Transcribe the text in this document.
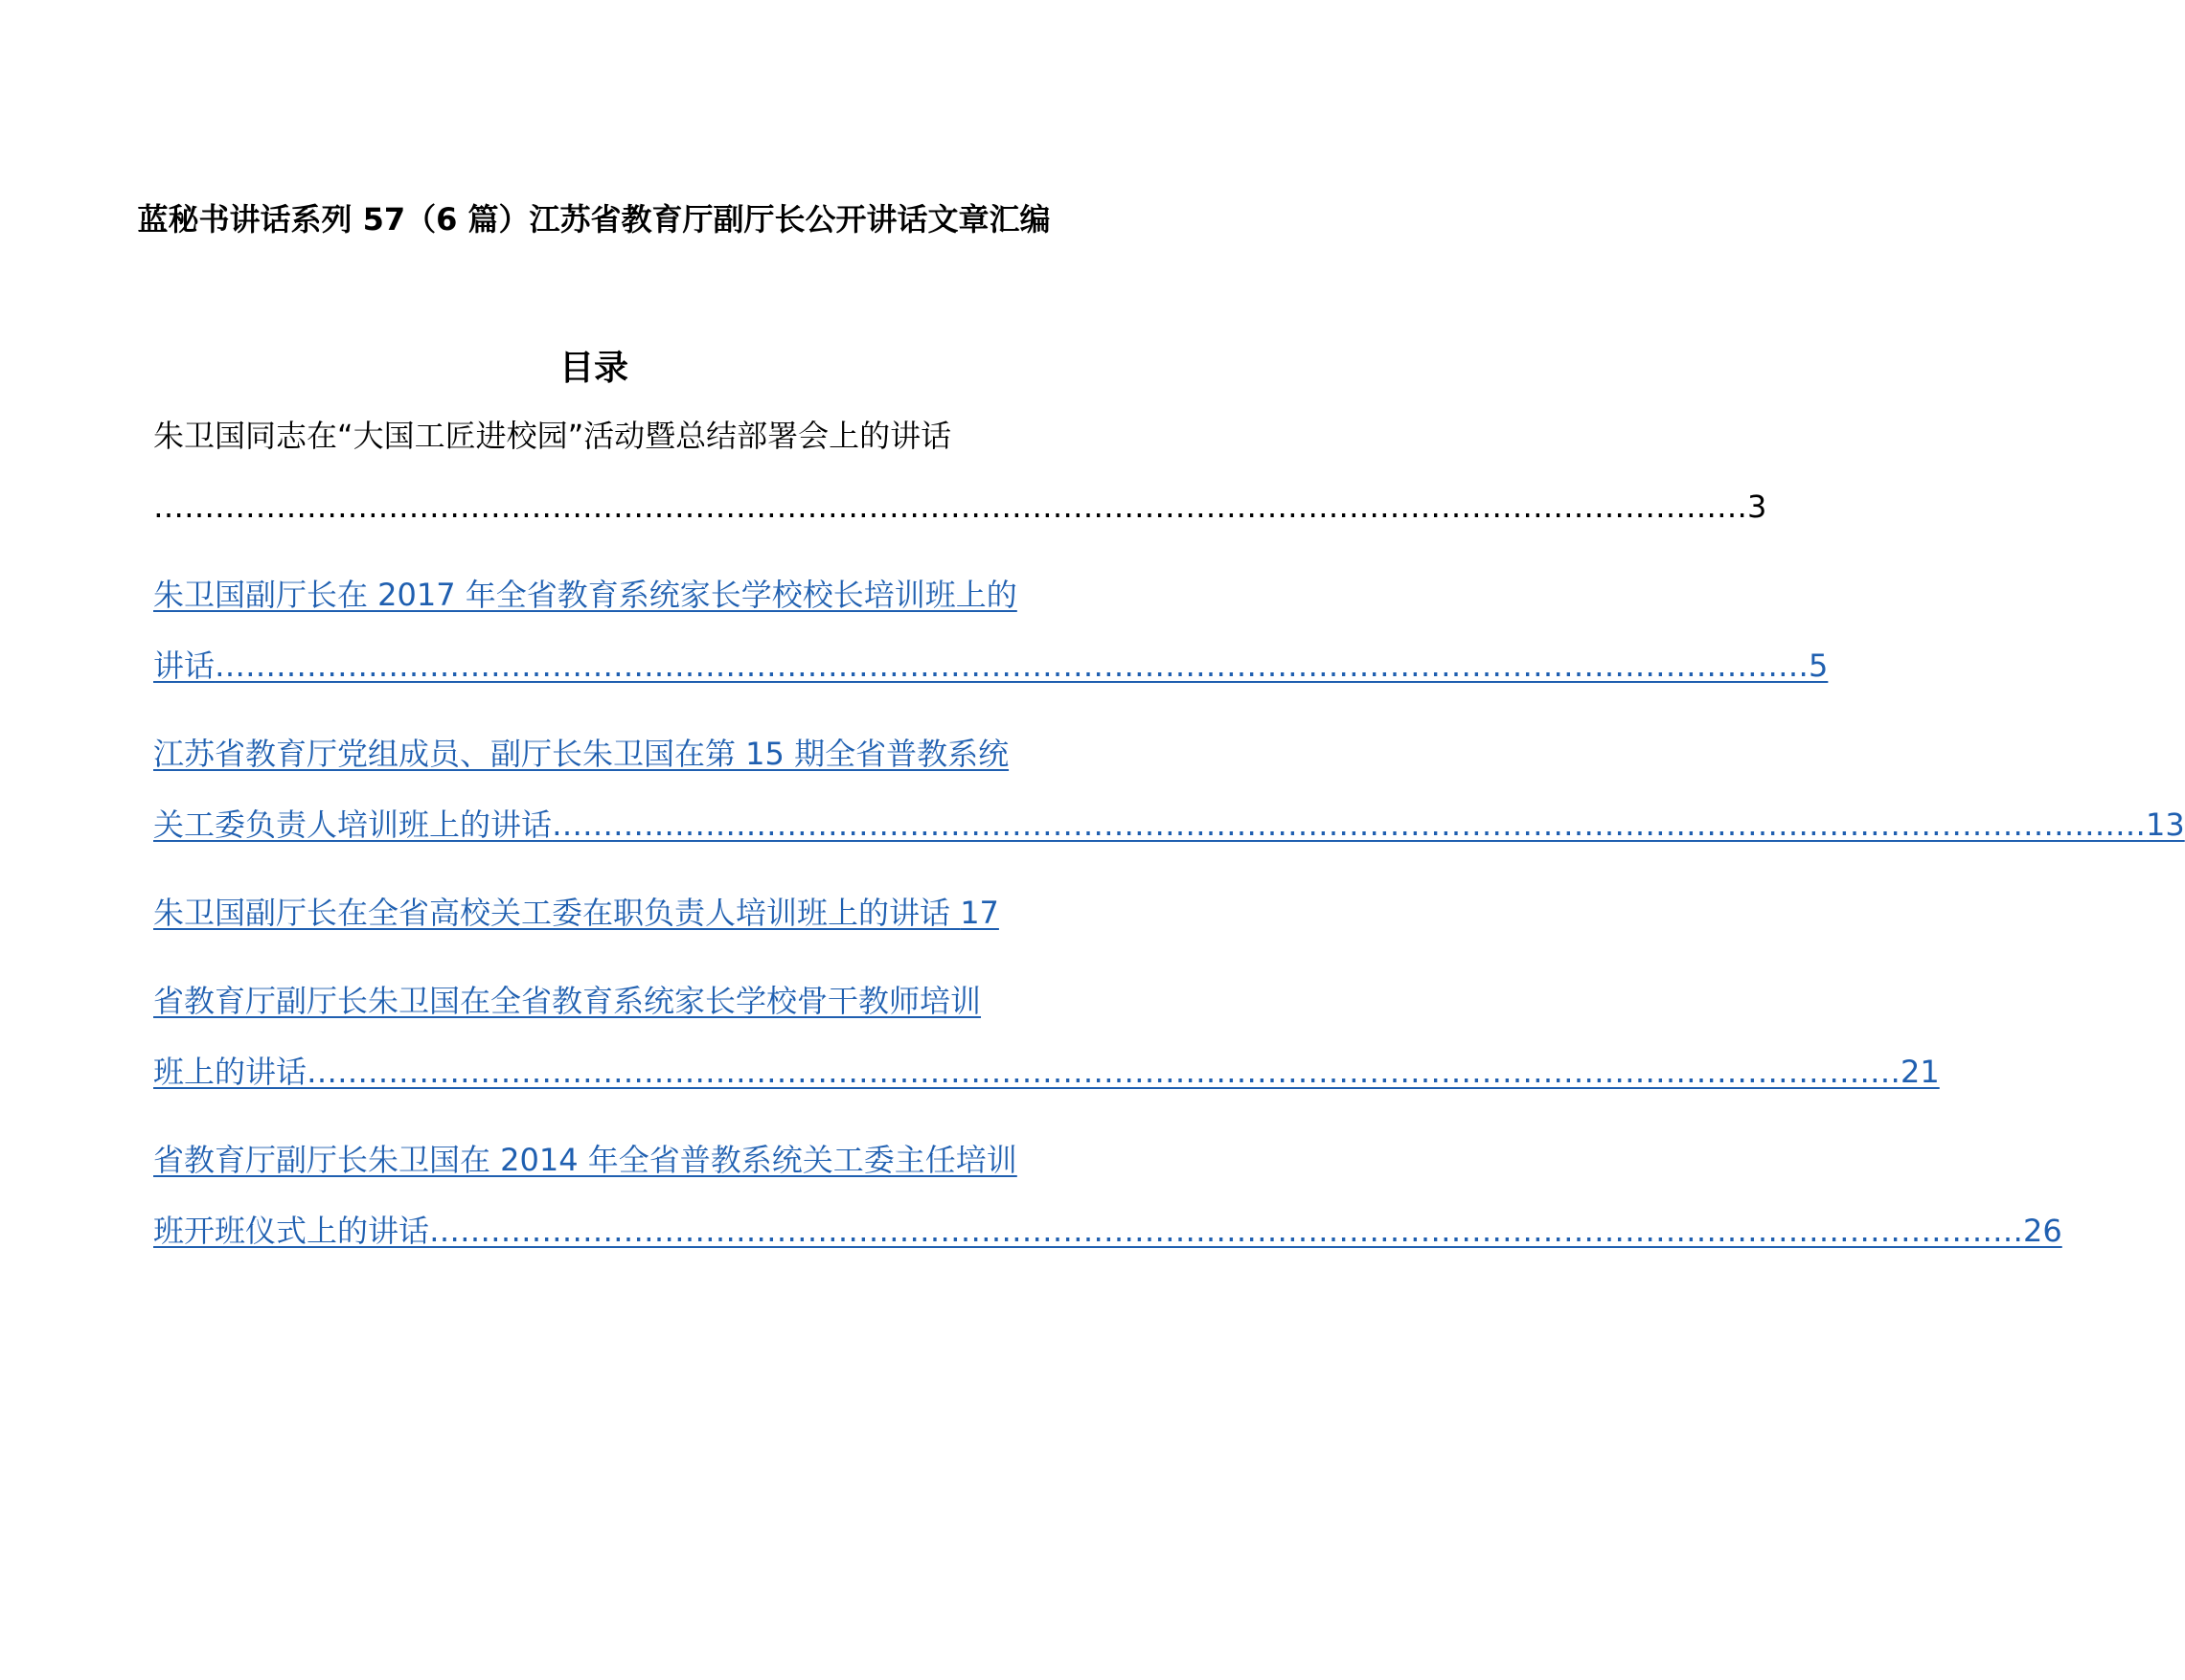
蓝秘书讲话系列 57（6 篇）江苏省教育厅副厅长公开讲话文章汇编
目录
朱卫国同志在“大国工匠进校园”活动暨总结部署会上的讲话
………………………………………………………………………………………………………………………………………… 3
朱卫国副厅长在 2017 年全省教育系统家长学校校长培训班上的
讲话 ………………………………………………………………………………………………………………………………………… 5
江苏省教育厅党组成员、副厅长朱卫国在第 15 期全省普教系统
关工委负责人培训班上的讲话 ………………………………………………………………………………………………………………………………………… 13
朱卫国副厅长在全省高校关工委在职负责人培训班上的讲话 17
省教育厅副厅长朱卫国在全省教育系统家长学校骨干教师培训
班上的讲话 ………………………………………………………………………………………………………………………………………… 21
省教育厅副厅长朱卫国在 2014 年全省普教系统关工委主任培训
班开班仪式上的讲话 ………………………………………………………………………………………………………………………………………… 26
